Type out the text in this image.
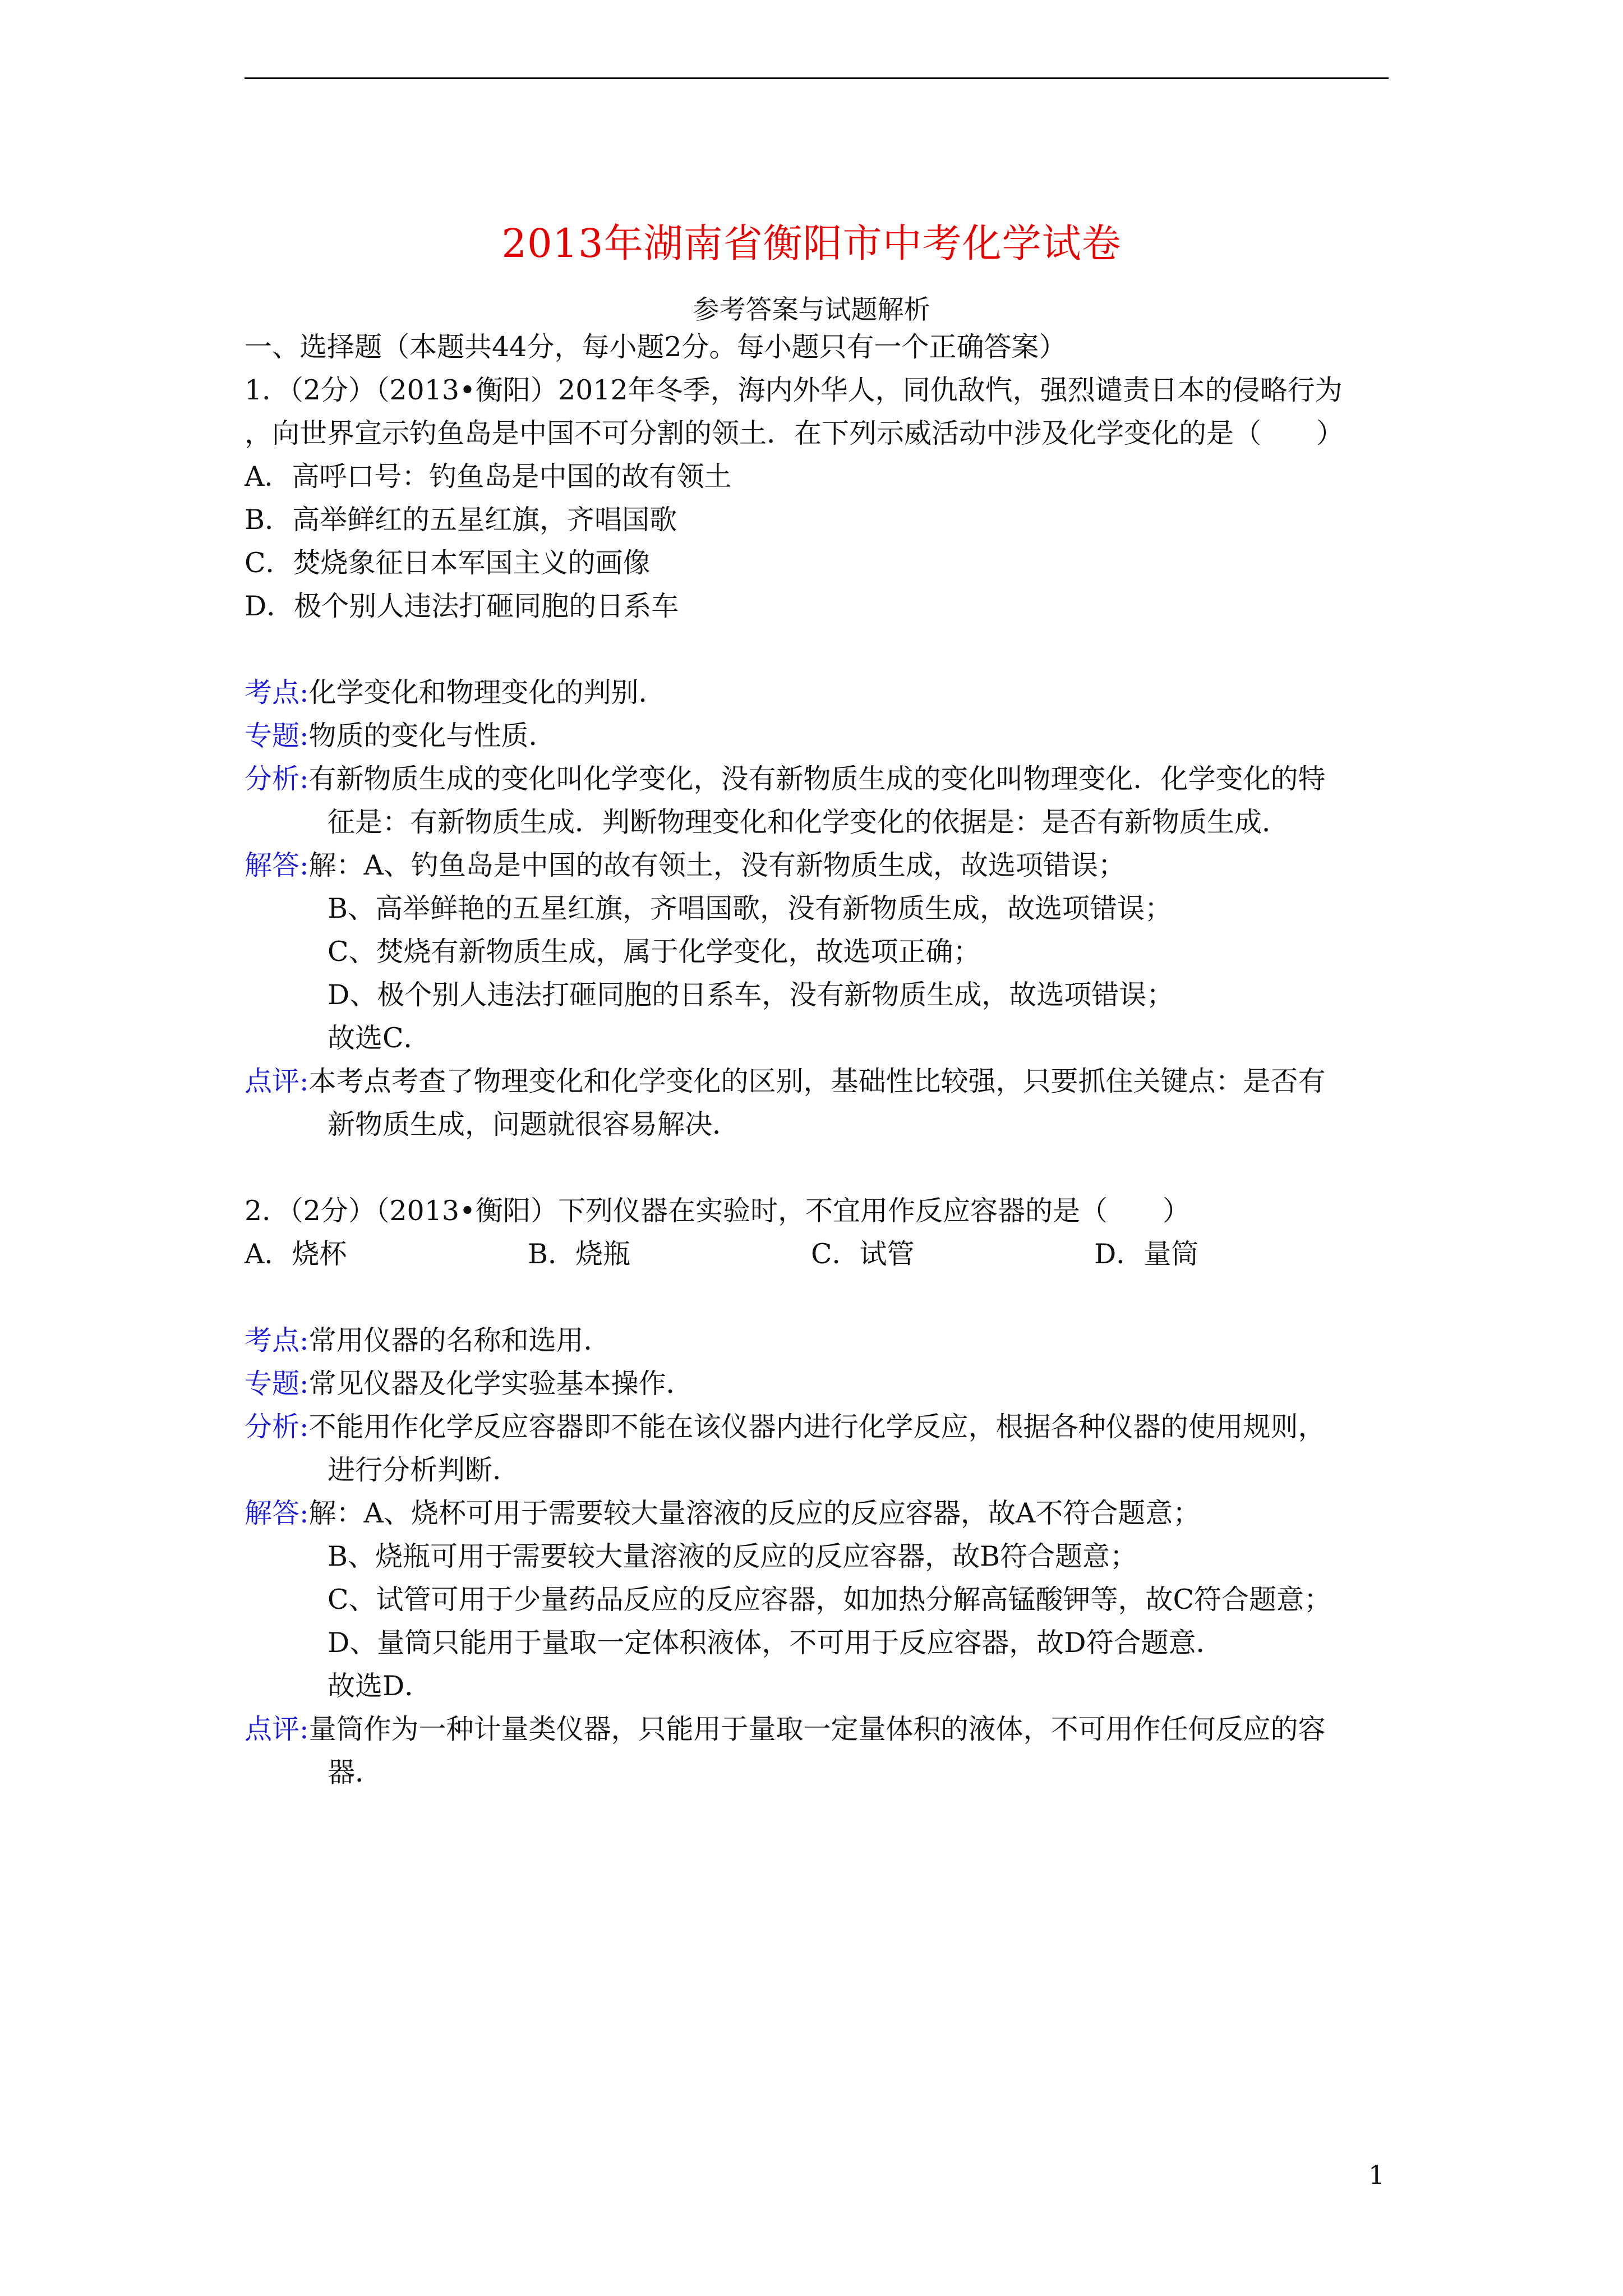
2013年湖南省衡阳市中考化学试卷
参考答案与试题解析
一、选择题（本题共44分，每小题2分。每小题只有一个正确答案）
1．（2分）（2013•衡阳）2012年冬季，海内外华人，同仇敌忾，强烈谴责日本的侵略行为
，向世界宣示钓鱼岛是中国不可分割的领土．在下列示威活动中涉及化学变化的是（　　）
A．高呼口号：钓鱼岛是中国的故有领土
B．高举鲜红的五星红旗，齐唱国歌
C．焚烧象征日本军国主义的画像
D．极个别人违法打砸同胞的日系车
考点:化学变化和物理变化的判别．
专题:物质的变化与性质．
分析:有新物质生成的变化叫化学变化，没有新物质生成的变化叫物理变化．化学变化的特
征是：有新物质生成．判断物理变化和化学变化的依据是：是否有新物质生成．
解答:解：A、钓鱼岛是中国的故有领土，没有新物质生成，故选项错误；
B、高举鲜艳的五星红旗，齐唱国歌，没有新物质生成，故选项错误；
C、焚烧有新物质生成，属于化学变化，故选项正确；
D、极个别人违法打砸同胞的日系车，没有新物质生成，故选项错误；
故选C．
点评:本考点考查了物理变化和化学变化的区别，基础性比较强，只要抓住关键点：是否有
新物质生成，问题就很容易解决．
2．（2分）（2013•衡阳）下列仪器在实验时，不宜用作反应容器的是（　　）
A．烧杯	B．烧瓶	C．试管	D．量筒
考点:常用仪器的名称和选用．
专题:常见仪器及化学实验基本操作．
分析:不能用作化学反应容器即不能在该仪器内进行化学反应，根据各种仪器的使用规则，
进行分析判断．
解答:解：A、烧杯可用于需要较大量溶液的反应的反应容器，故A不符合题意；
B、烧瓶可用于需要较大量溶液的反应的反应容器，故B符合题意；
C、试管可用于少量药品反应的反应容器，如加热分解高锰酸钾等，故C符合题意；
D、量筒只能用于量取一定体积液体，不可用于反应容器，故D符合题意．
故选D．
点评:量筒作为一种计量类仪器，只能用于量取一定量体积的液体，不可用作任何反应的容
器．
1
